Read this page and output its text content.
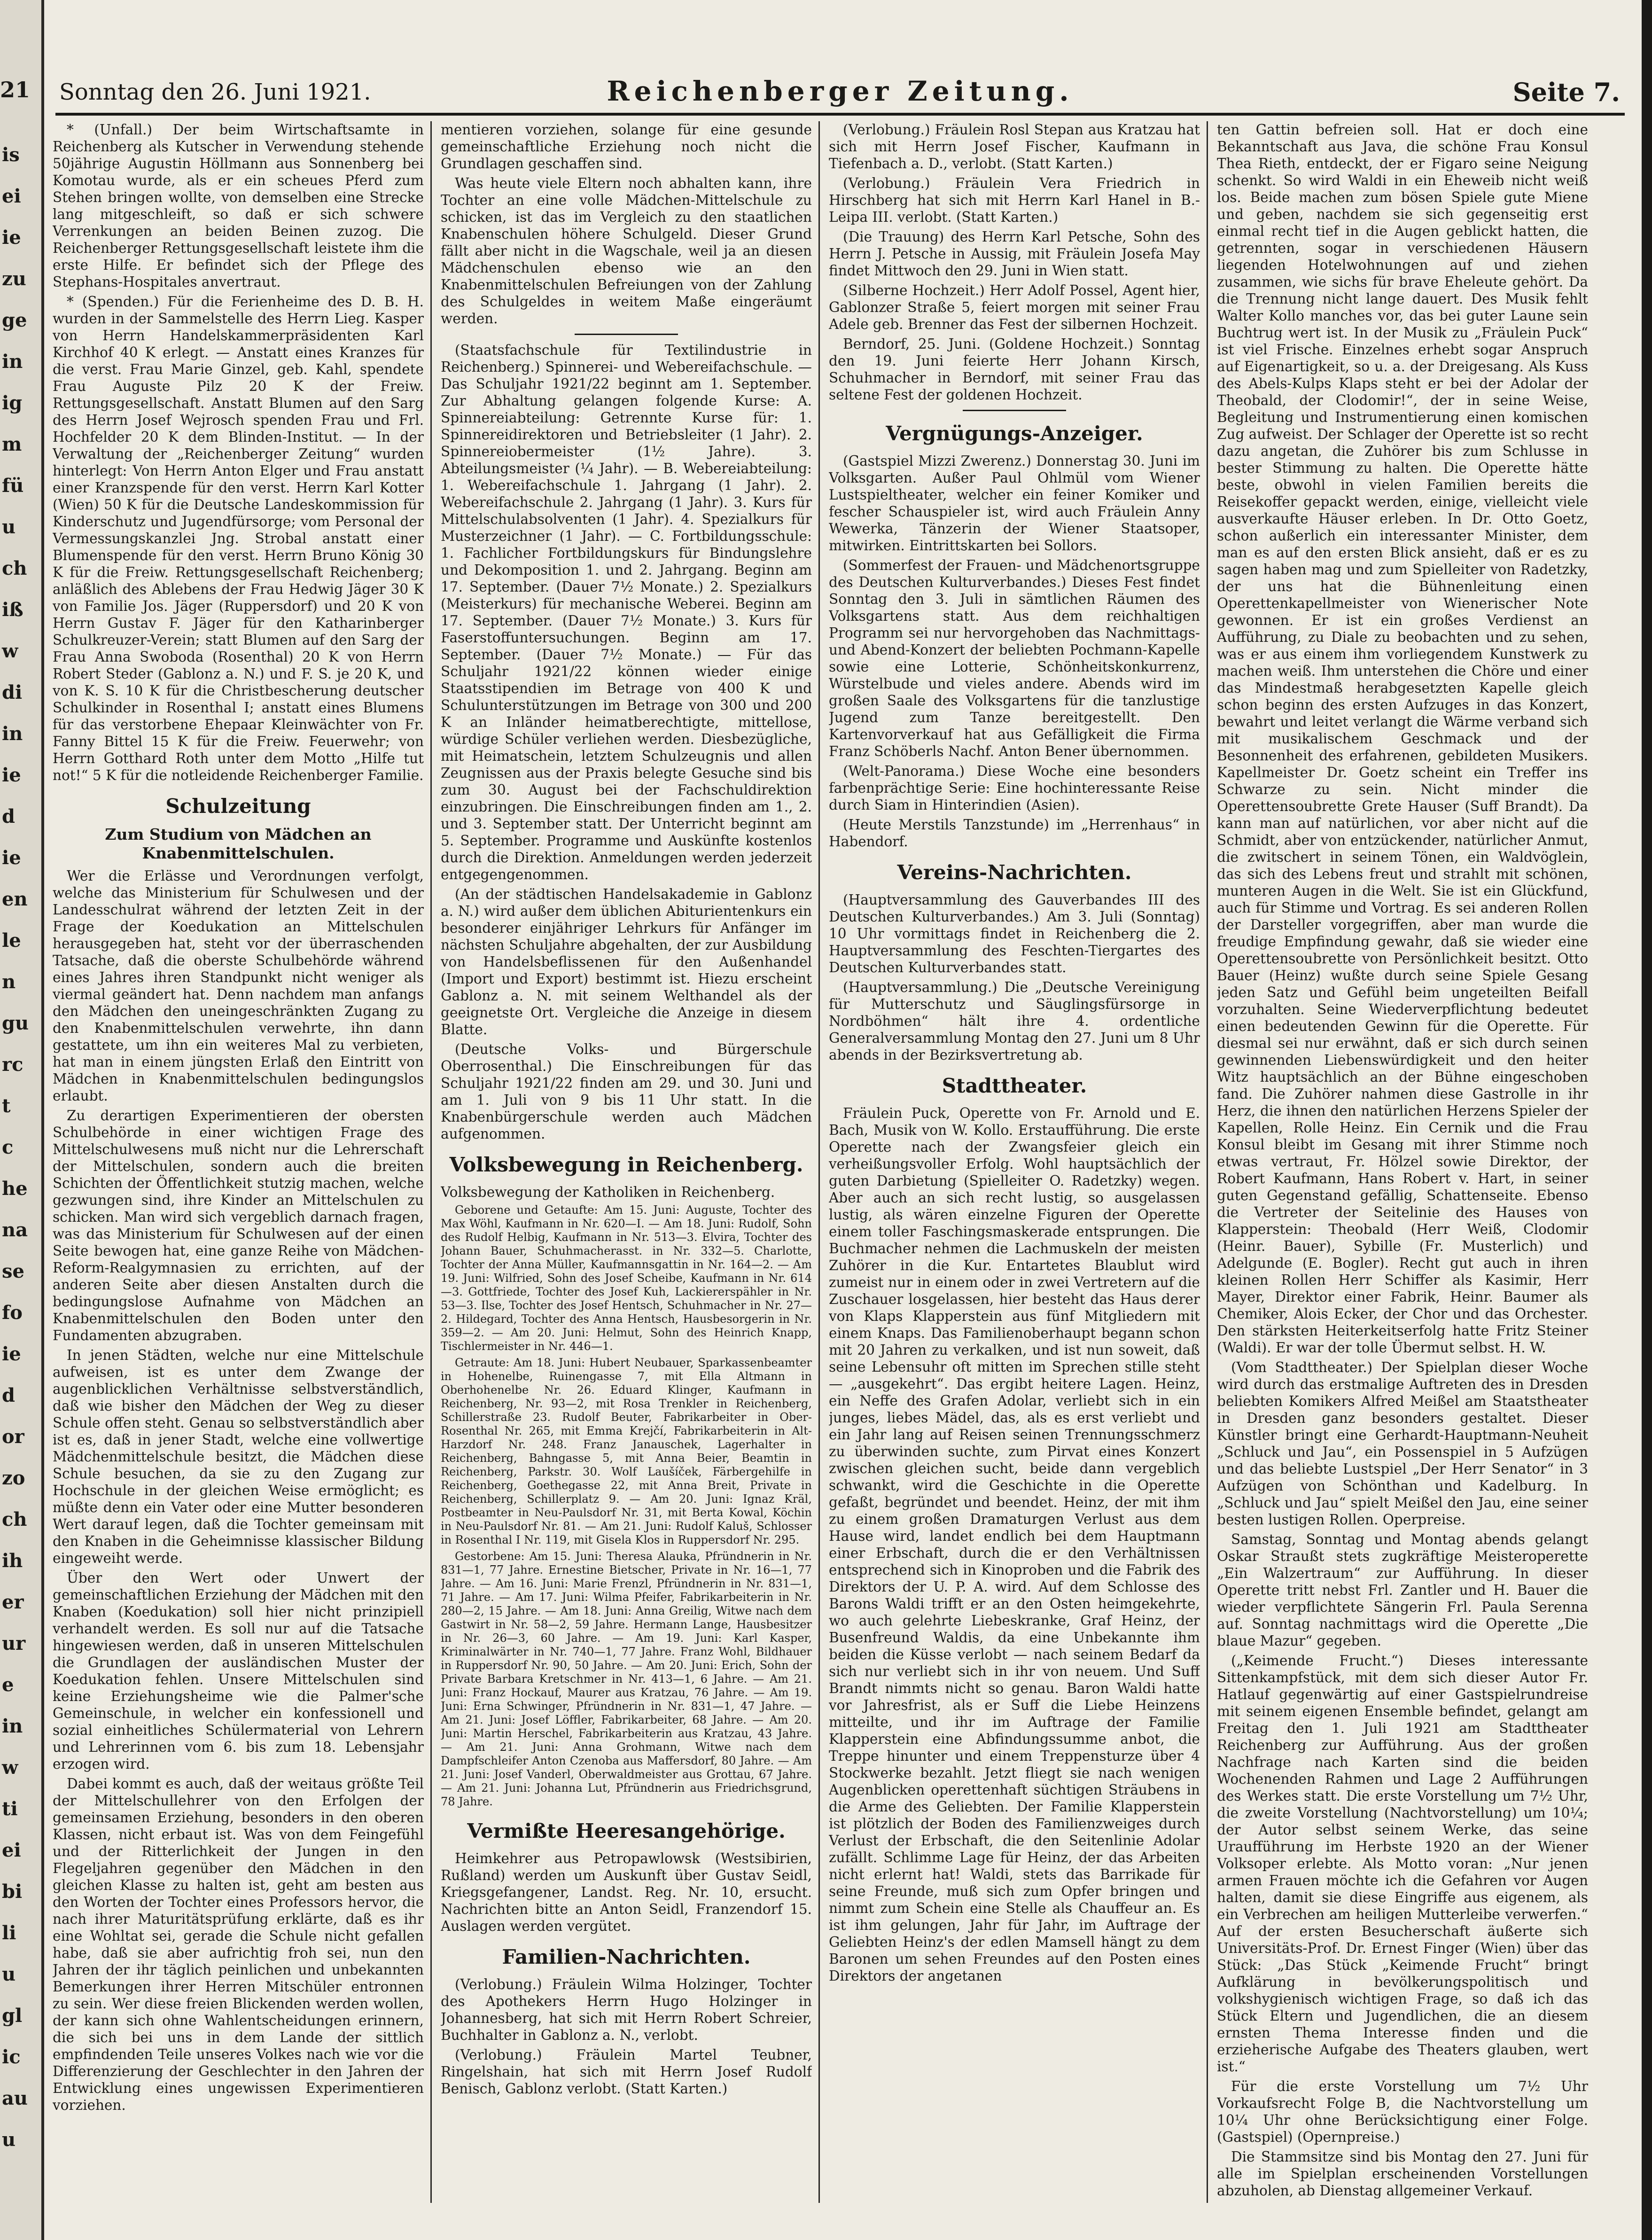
21
is
ei
ie
zu
ge
in
ig
m
fü
u
ch
iß
w
di
in
ie
d
ie
en
le
n
gu
rc
t
c
he
na
se
fo
ie
d
or
zo
ch
ih
er
ur
e
in
w
ti
ei
bi
li
u
gl
ic
au
u
Sonntag den 26. Juni 1921.	Reichenberger Zeitung.	Seite 7.

* (Unfall.) Der beim Wirtschaftsamte in Reichenberg als Kutscher in Verwendung stehende 50jährige Augustin Höllmann aus Sonnenberg bei Komotau wurde, als er ein scheues Pferd zum Stehen bringen wollte, von demselben eine Strecke lang mitgeschleift, so daß er sich schwere Verrenkungen an beiden Beinen zuzog. Die Reichenberger Rettungsgesellschaft leistete ihm die erste Hilfe. Er befindet sich der Pflege des Stephans-Hospitales anvertraut.

* (Spenden.) Für die Ferienheime des D. B. H. wurden in der Sammelstelle des Herrn Lieg. Kasper von Herrn Handelskammerpräsidenten Karl Kirchhof 40 K erlegt. — Anstatt eines Kranzes für die verst. Frau Marie Ginzel, geb. Kahl, spendete Frau Auguste Pilz 20 K der Freiw. Rettungsgesellschaft. Anstatt Blumen auf den Sarg des Herrn Josef Wejrosch spenden Frau und Frl. Hochfelder 20 K dem Blinden-Institut. — In der Verwaltung der „Reichenberger Zeitung“ wurden hinterlegt: Von Herrn Anton Elger und Frau anstatt einer Kranzspende für den verst. Herrn Karl Kotter (Wien) 50 K für die Deutsche Landeskommission für Kinderschutz und Jugendfürsorge; vom Personal der Vermessungskanzlei Jng. Strobal anstatt einer Blumenspende für den verst. Herrn Bruno König 30 K für die Freiw. Rettungsgesellschaft Reichenberg; anläßlich des Ablebens der Frau Hedwig Jäger 30 K von Familie Jos. Jäger (Ruppersdorf) und 20 K von Herrn Gustav F. Jäger für den Katharinberger Schulkreuzer-Verein; statt Blumen auf den Sarg der Frau Anna Swoboda (Rosenthal) 20 K von Herrn Robert Steder (Gablonz a. N.) und F. S. je 20 K, und von K. S. 10 K für die Christbescherung deutscher Schulkinder in Rosenthal I; anstatt eines Blumens für das verstorbene Ehepaar Kleinwächter von Fr. Fanny Bittel 15 K für die Freiw. Feuerwehr; von Herrn Gotthard Roth unter dem Motto „Hilfe tut not!“ 5 K für die notleidende Reichenberger Familie.

Schulzeitung
Zum Studium von Mädchen an Knabenmittelschulen.

Wer die Erlässe und Verordnungen verfolgt, welche das Ministerium für Schulwesen und der Landesschulrat während der letzten Zeit in der Frage der Koedukation an Mittelschulen herausgegeben hat, steht vor der überraschenden Tatsache, daß die oberste Schulbehörde während eines Jahres ihren Standpunkt nicht weniger als viermal geändert hat. Denn nachdem man anfangs den Mädchen den uneingeschränkten Zugang zu den Knabenmittelschulen verwehrte, ihn dann gestattete, um ihn ein weiteres Mal zu verbieten, hat man in einem jüngsten Erlaß den Eintritt von Mädchen in Knabenmittelschulen bedingungslos erlaubt.

Zu derartigen Experimentieren der obersten Schulbehörde in einer wichtigen Frage des Mittelschulwesens muß nicht nur die Lehrerschaft der Mittelschulen, sondern auch die breiten Schichten der Öffentlichkeit stutzig machen, welche gezwungen sind, ihre Kinder an Mittelschulen zu schicken. Man wird sich vergeblich darnach fragen, was das Ministerium für Schulwesen auf der einen Seite bewogen hat, eine ganze Reihe von Mädchen-Reform-Realgymnasien zu errichten, auf der anderen Seite aber diesen Anstalten durch die bedingungslose Aufnahme von Mädchen an Knabenmittelschulen den Boden unter den Fundamenten abzugraben.

In jenen Städten, welche nur eine Mittelschule aufweisen, ist es unter dem Zwange der augenblicklichen Verhältnisse selbstverständlich, daß wie bisher den Mädchen der Weg zu dieser Schule offen steht. Genau so selbstverständlich aber ist es, daß in jener Stadt, welche eine vollwertige Mädchenmittelschule besitzt, die Mädchen diese Schule besuchen, da sie zu den Zugang zur Hochschule in der gleichen Weise ermöglicht; es müßte denn ein Vater oder eine Mutter besonderen Wert darauf legen, daß die Tochter gemeinsam mit den Knaben in die Geheimnisse klassischer Bildung eingeweiht werde.

Über den Wert oder Unwert der gemeinschaftlichen Erziehung der Mädchen mit den Knaben (Koedukation) soll hier nicht prinzipiell verhandelt werden. Es soll nur auf die Tatsache hingewiesen werden, daß in unseren Mittelschulen die Grundlagen der ausländischen Muster der Koedukation fehlen. Unsere Mittelschulen sind keine Erziehungsheime wie die Palmer'sche Gemeinschule, in welcher ein konfessionell und sozial einheitliches Schülermaterial von Lehrern und Lehrerinnen vom 6. bis zum 18. Lebensjahr erzogen wird.

Dabei kommt es auch, daß der weitaus größte Teil der Mittelschullehrer von den Erfolgen der gemeinsamen Erziehung, besonders in den oberen Klassen, nicht erbaut ist. Was von dem Feingefühl und der Ritterlichkeit der Jungen in den Flegeljahren gegenüber den Mädchen in den gleichen Klasse zu halten ist, geht am besten aus den Worten der Tochter eines Professors hervor, die nach ihrer Maturitätsprüfung erklärte, daß es ihr eine Wohltat sei, gerade die Schule nicht gefallen habe, daß sie aber aufrichtig froh sei, nun den Jahren der ihr täglich peinlichen und unbekannten Bemerkungen ihrer Herren Mitschüler entronnen zu sein. Wer diese freien Blickenden werden wollen, der kann sich ohne Wahlentscheidungen erinnern, die sich bei uns in dem Lande der sittlich empfindenden Teile unseres Volkes nach wie vor die Differenzierung der Geschlechter in den Jahren der Entwicklung eines ungewissen Experimentieren vorziehen.

mentieren vorziehen, solange für eine gesunde gemeinschaftliche Erziehung noch nicht die Grundlagen geschaffen sind.

Was heute viele Eltern noch abhalten kann, ihre Tochter an eine volle Mädchen-Mittelschule zu schicken, ist das im Vergleich zu den staatlichen Knabenschulen höhere Schulgeld. Dieser Grund fällt aber nicht in die Wagschale, weil ja an diesen Mädchenschulen ebenso wie an den Knabenmittelschulen Befreiungen von der Zahlung des Schulgeldes in weitem Maße eingeräumt werden.

(Staatsfachschule für Textilindustrie in Reichenberg.) Spinnerei- und Webereifachschule. — Das Schuljahr 1921/22 beginnt am 1. September. Zur Abhaltung gelangen folgende Kurse: A. Spinnereiabteilung: Getrennte Kurse für: 1. Spinnereidirektoren und Betriebsleiter (1 Jahr). 2. Spinnereiobermeister (1½ Jahre). 3. Abteilungsmeister (¼ Jahr). — B. Webereiabteilung: 1. Webereifachschule 1. Jahrgang (1 Jahr). 2. Webereifachschule 2. Jahrgang (1 Jahr). 3. Kurs für Mittelschulabsolventen (1 Jahr). 4. Spezialkurs für Musterzeichner (1 Jahr). — C. Fortbildungsschule: 1. Fachlicher Fortbildungskurs für Bindungslehre und Dekomposition 1. und 2. Jahrgang. Beginn am 17. September. (Dauer 7½ Monate.) 2. Spezialkurs (Meisterkurs) für mechanische Weberei. Beginn am 17. September. (Dauer 7½ Monate.) 3. Kurs für Faserstoffuntersuchungen. Beginn am 17. September. (Dauer 7½ Monate.) — Für das Schuljahr 1921/22 können wieder einige Staatsstipendien im Betrage von 400 K und Schulunterstützungen im Betrage von 300 und 200 K an Inländer heimatberechtigte, mittellose, würdige Schüler verliehen werden. Diesbezügliche, mit Heimatschein, letztem Schulzeugnis und allen Zeugnissen aus der Praxis belegte Gesuche sind bis zum 30. August bei der Fachschuldirektion einzubringen. Die Einschreibungen finden am 1., 2. und 3. September statt. Der Unterricht beginnt am 5. September. Programme und Auskünfte kostenlos durch die Direktion. Anmeldungen werden jederzeit entgegengenommen.

(An der städtischen Handelsakademie in Gablonz a. N.) wird außer dem üblichen Abiturientenkurs ein besonderer einjähriger Lehrkurs für Anfänger im nächsten Schuljahre abgehalten, der zur Ausbildung von Handelsbeflissenen für den Außenhandel (Import und Export) bestimmt ist. Hiezu erscheint Gablonz a. N. mit seinem Welthandel als der geeignetste Ort. Vergleiche die Anzeige in diesem Blatte.

(Deutsche Volks- und Bürgerschule Oberrosenthal.) Die Einschreibungen für das Schuljahr 1921/22 finden am 29. und 30. Juni und am 1. Juli von 9 bis 11 Uhr statt. In die Knabenbürgerschule werden auch Mädchen aufgenommen.

Volksbewegung in Reichenberg.

Volksbewegung der Katholiken in Reichenberg.

Geborene und Getaufte: Am 15. Juni: Auguste, Tochter des Max Wöhl, Kaufmann in Nr. 620—I. — Am 18. Juni: Rudolf, Sohn des Rudolf Helbig, Kaufmann in Nr. 513—3. Elvira, Tochter des Johann Bauer, Schuhmacherasst. in Nr. 332—5. Charlotte, Tochter der Anna Müller, Kaufmannsgattin in Nr. 164—2. — Am 19. Juni: Wilfried, Sohn des Josef Scheibe, Kaufmann in Nr. 614—3. Gottfriede, Tochter des Josef Kuh, Lackiererspähler in Nr. 53—3. Ilse, Tochter des Josef Hentsch, Schuhmacher in Nr. 27—2. Hildegard, Tochter des Anna Hentsch, Hausbesorgerin in Nr. 359—2. — Am 20. Juni: Helmut, Sohn des Heinrich Knapp, Tischlermeister in Nr. 446—1.

Getraute: Am 18. Juni: Hubert Neubauer, Sparkassenbeamter in Hohenelbe, Ruinengasse 7, mit Ella Altmann in Oberhohenelbe Nr. 26. Eduard Klinger, Kaufmann in Reichenberg, Nr. 93—2, mit Rosa Trenkler in Reichenberg, Schillerstraße 23. Rudolf Beuter, Fabrikarbeiter in Ober-Rosenthal Nr. 265, mit Emma Krejčí, Fabrikarbeiterin in Alt-Harzdorf Nr. 248. Franz Janauschek, Lagerhalter in Reichenberg, Bahngasse 5, mit Anna Beier, Beamtin in Reichenberg, Parkstr. 30. Wolf Laušíček, Färbergehilfe in Reichenberg, Goethegasse 22, mit Anna Breit, Private in Reichenberg, Schillerplatz 9. — Am 20. Juni: Ignaz Kräl, Postbeamter in Neu-Paulsdorf Nr. 31, mit Berta Kowal, Köchin in Neu-Paulsdorf Nr. 81. — Am 21. Juni: Rudolf Kaluš, Schlosser in Rosenthal I Nr. 119, mit Gisela Klos in Ruppersdorf Nr. 295.

Gestorbene: Am 15. Juni: Theresa Alauka, Pfründnerin in Nr. 831—1, 77 Jahre. Ernestine Bietscher, Private in Nr. 16—1, 77 Jahre. — Am 16. Juni: Marie Frenzl, Pfründnerin in Nr. 831—1, 71 Jahre. — Am 17. Juni: Wilma Pfeifer, Fabrikarbeiterin in Nr. 280—2, 15 Jahre. — Am 18. Juni: Anna Greilig, Witwe nach dem Gastwirt in Nr. 58—2, 59 Jahre. Hermann Lange, Hausbesitzer in Nr. 26—3, 60 Jahre. — Am 19. Juni: Karl Kasper, Kriminalwärter in Nr. 740—1, 77 Jahre. Franz Wohl, Bildhauer in Ruppersdorf Nr. 90, 50 Jahre. — Am 20. Juni: Erich, Sohn der Private Barbara Kretschmer in Nr. 413—1, 6 Jahre. — Am 21. Juni: Franz Hockauf, Maurer aus Kratzau, 76 Jahre. — Am 19. Juni: Erna Schwinger, Pfründnerin in Nr. 831—1, 47 Jahre. — Am 21. Juni: Josef Löffler, Fabrikarbeiter, 68 Jahre. — Am 20. Juni: Martin Herschel, Fabrikarbeiterin aus Kratzau, 43 Jahre. — Am 21. Juni: Anna Grohmann, Witwe nach dem Dampfschleifer Anton Czenoba aus Maffersdorf, 80 Jahre. — Am 21. Juni: Josef Vanderl, Oberwaldmeister aus Grottau, 67 Jahre. — Am 21. Juni: Johanna Lut, Pfründnerin aus Friedrichsgrund, 78 Jahre.

Vermißte Heeresangehörige.

Heimkehrer aus Petropawlowsk (Westsibirien, Rußland) werden um Auskunft über Gustav Seidl, Kriegsgefangener, Landst. Reg. Nr. 10, ersucht. Nachrichten bitte an Anton Seidl, Franzendorf 15. Auslagen werden vergütet.

Familien-Nachrichten.

(Verlobung.) Fräulein Wilma Holzinger, Tochter des Apothekers Herrn Hugo Holzinger in Johannesberg, hat sich mit Herrn Robert Schreier, Buchhalter in Gablonz a. N., verlobt.

(Verlobung.) Fräulein Martel Teubner, Ringelshain, hat sich mit Herrn Josef Rudolf Benisch, Gablonz verlobt. (Statt Karten.)

(Verlobung.) Fräulein Rosl Stepan aus Kratzau hat sich mit Herrn Josef Fischer, Kaufmann in Tiefenbach a. D., verlobt. (Statt Karten.)

(Verlobung.) Fräulein Vera Friedrich in Hirschberg hat sich mit Herrn Karl Hanel in B.-Leipa III. verlobt. (Statt Karten.)

(Die Trauung) des Herrn Karl Petsche, Sohn des Herrn J. Petsche in Aussig, mit Fräulein Josefa May findet Mittwoch den 29. Juni in Wien statt.

(Silberne Hochzeit.) Herr Adolf Possel, Agent hier, Gablonzer Straße 5, feiert morgen mit seiner Frau Adele geb. Brenner das Fest der silbernen Hochzeit.

Berndorf, 25. Juni. (Goldene Hochzeit.) Sonntag den 19. Juni feierte Herr Johann Kirsch, Schuhmacher in Berndorf, mit seiner Frau das seltene Fest der goldenen Hochzeit.

Vergnügungs-Anzeiger.

(Gastspiel Mizzi Zwerenz.) Donnerstag 30. Juni im Volksgarten. Außer Paul Ohlmül vom Wiener Lustspieltheater, welcher ein feiner Komiker und fescher Schauspieler ist, wird auch Fräulein Anny Wewerka, Tänzerin der Wiener Staatsoper, mitwirken. Eintrittskarten bei Sollors.

(Sommerfest der Frauen- und Mädchenortsgruppe des Deutschen Kulturverbandes.) Dieses Fest findet Sonntag den 3. Juli in sämtlichen Räumen des Volksgartens statt. Aus dem reichhaltigen Programm sei nur hervorgehoben das Nachmittags- und Abend-Konzert der beliebten Pochmann-Kapelle sowie eine Lotterie, Schönheitskonkurrenz, Würstelbude und vieles andere. Abends wird im großen Saale des Volksgartens für die tanzlustige Jugend zum Tanze bereitgestellt. Den Kartenvorverkauf hat aus Gefälligkeit die Firma Franz Schöberls Nachf. Anton Bener übernommen.

(Welt-Panorama.) Diese Woche eine besonders farbenprächtige Serie: Eine hochinteressante Reise durch Siam in Hinterindien (Asien).

(Heute Merstils Tanzstunde) im „Herrenhaus“ in Habendorf.

Vereins-Nachrichten.

(Hauptversammlung des Gauverbandes III des Deutschen Kulturverbandes.) Am 3. Juli (Sonntag) 10 Uhr vormittags findet in Reichenberg die 2. Hauptversammlung des Feschten-Tiergartes des Deutschen Kulturverbandes statt.

(Hauptversammlung.) Die „Deutsche Vereinigung für Mutterschutz und Säuglingsfürsorge in Nordböhmen“ hält ihre 4. ordentliche Generalversammlung Montag den 27. Juni um 8 Uhr abends in der Bezirksvertretung ab.

Stadttheater.

Fräulein Puck, Operette von Fr. Arnold und E. Bach, Musik von W. Kollo. Erstaufführung. Die erste Operette nach der Zwangsfeier gleich ein verheißungsvoller Erfolg. Wohl hauptsächlich der guten Darbietung (Spielleiter O. Radetzky) wegen. Aber auch an sich recht lustig, so ausgelassen lustig, als wären einzelne Figuren der Operette einem toller Faschingsmaskerade entsprungen. Die Buchmacher nehmen die Lachmuskeln der meisten Zuhörer in die Kur. Entartetes Blaublut wird zumeist nur in einem oder in zwei Vertretern auf die Zuschauer losgelassen, hier besteht das Haus derer von Klaps Klapperstein aus fünf Mitgliedern mit einem Knaps. Das Familienoberhaupt begann schon mit 20 Jahren zu verkalken, und ist nun soweit, daß seine Lebensuhr oft mitten im Sprechen stille steht — „ausgekehrt“. Das ergibt heitere Lagen. Heinz, ein Neffe des Grafen Adolar, verliebt sich in ein junges, liebes Mädel, das, als es erst verliebt und ein Jahr lang auf Reisen seinen Trennungsschmerz zu überwinden suchte, zum Pirvat eines Konzert zwischen gleichen sucht, beide dann vergeblich schwankt, wird die Geschichte in die Operette gefaßt, begründet und beendet. Heinz, der mit ihm zu einem großen Dramaturgen Verlust aus dem Hause wird, landet endlich bei dem Hauptmann einer Erbschaft, durch die er den Verhältnissen entsprechend sich in Kinoproben und die Fabrik des Direktors der U. P. A. wird. Auf dem Schlosse des Barons Waldi trifft er an den Osten heimgekehrte, wo auch gelehrte Liebeskranke, Graf Heinz, der Busenfreund Waldis, da eine Unbekannte ihm beiden die Küsse verlobt — nach seinem Bedarf da sich nur verliebt sich in ihr von neuem. Und Suff Brandt nimmts nicht so genau. Baron Waldi hatte vor Jahresfrist, als er Suff die Liebe Heinzens mitteilte, und ihr im Auftrage der Familie Klapperstein eine Abfindungssumme anbot, die Treppe hinunter und einem Treppensturze über 4 Stockwerke bezahlt. Jetzt fliegt sie nach wenigen Augenblicken operettenhaft süchtigen Sträubens in die Arme des Geliebten. Der Familie Klapperstein ist plötzlich der Boden des Familienzweiges durch Verlust der Erbschaft, die den Seitenlinie Adolar zufällt. Schlimme Lage für Heinz, der das Arbeiten nicht erlernt hat! Waldi, stets das Barrikade für seine Freunde, muß sich zum Opfer bringen und nimmt zum Schein eine Stelle als Chauffeur an. Es ist ihm gelungen, Jahr für Jahr, im Auftrage der Geliebten Heinz's der edlen Mamsell hängt zu dem Baronen um sehen Freundes auf den Posten eines Direktors der angetanen

ten Gattin befreien soll. Hat er doch eine Bekanntschaft aus Java, die schöne Frau Konsul Thea Rieth, entdeckt, der er Figaro seine Neigung schenkt. So wird Waldi in ein Eheweib nicht weiß los. Beide machen zum bösen Spiele gute Miene und geben, nachdem sie sich gegenseitig erst einmal recht tief in die Augen geblickt hatten, die getrennten, sogar in verschiedenen Häusern liegenden Hotelwohnungen auf und ziehen zusammen, wie sichs für brave Eheleute gehört. Da die Trennung nicht lange dauert. Des Musik fehlt Walter Kollo manches vor, das bei guter Laune sein Buchtrug wert ist. In der Musik zu „Fräulein Puck“ ist viel Frische. Einzelnes erhebt sogar Anspruch auf Eigenartigkeit, so u. a. der Dreigesang. Als Kuss des Abels-Kulps Klaps steht er bei der Adolar der Theobald, der Clodomir!“, der in seine Weise, Begleitung und Instrumentierung einen komischen Zug aufweist. Der Schlager der Operette ist so recht dazu angetan, die Zuhörer bis zum Schlusse in bester Stimmung zu halten. Die Operette hätte beste, obwohl in vielen Familien bereits die Reisekoffer gepackt werden, einige, vielleicht viele ausverkaufte Häuser erleben. In Dr. Otto Goetz, schon außerlich ein interessanter Minister, dem man es auf den ersten Blick ansieht, daß er es zu sagen haben mag und zum Spielleiter von Radetzky, der uns hat die Bühnenleitung einen Operettenkapellmeister von Wienerischer Note gewonnen. Er ist ein großes Verdienst an Aufführung, zu Diale zu beobachten und zu sehen, was er aus einem ihm vorliegendem Kunstwerk zu machen weiß. Ihm unterstehen die Chöre und einer das Mindestmaß herabgesetzten Kapelle gleich schon beginn des ersten Aufzuges in das Konzert, bewahrt und leitet verlangt die Wärme verband sich mit musikalischem Geschmack und der Besonnenheit des erfahrenen, gebildeten Musikers. Kapellmeister Dr. Goetz scheint ein Treffer ins Schwarze zu sein. Nicht minder die Operettensoubrette Grete Hauser (Suff Brandt). Da kann man auf natürlichen, vor aber nicht auf die Schmidt, aber von entzückender, natürlicher Anmut, die zwitschert in seinem Tönen, ein Waldvöglein, das sich des Lebens freut und strahlt mit schönen, munteren Augen in die Welt. Sie ist ein Glückfund, auch für Stimme und Vortrag. Es sei anderen Rollen der Darsteller vorgegriffen, aber man wurde die freudige Empfindung gewahr, daß sie wieder eine Operettensoubrette von Persönlichkeit besitzt. Otto Bauer (Heinz) wußte durch seine Spiele Gesang jeden Satz und Gefühl beim ungeteilten Beifall vorzuhalten. Seine Wiederverpflichtung bedeutet einen bedeutenden Gewinn für die Operette. Für diesmal sei nur erwähnt, daß er sich durch seinen gewinnenden Liebenswürdigkeit und den heiter Witz hauptsächlich an der Bühne eingeschoben fand. Die Zuhörer nahmen diese Gastrolle in ihr Herz, die ihnen den natürlichen Herzens Spieler der Kapellen, Rolle Heinz. Ein Cernik und die Frau Konsul bleibt im Gesang mit ihrer Stimme noch etwas vertraut, Fr. Hölzel sowie Direktor, der Robert Kaufmann, Hans Robert v. Hart, in seiner guten Gegenstand gefällig, Schattenseite. Ebenso die Vertreter der Seitelinie des Hauses von Klapperstein: Theobald (Herr Weiß, Clodomir (Heinr. Bauer), Sybille (Fr. Musterlich) und Adelgunde (E. Bogler). Recht gut auch in ihren kleinen Rollen Herr Schiffer als Kasimir, Herr Mayer, Direktor einer Fabrik, Heinr. Baumer als Chemiker, Alois Ecker, der Chor und das Orchester. Den stärksten Heiterkeitserfolg hatte Fritz Steiner (Waldi). Er war der tolle Übermut selbst. H. W.

(Vom Stadttheater.) Der Spielplan dieser Woche wird durch das erstmalige Auftreten des in Dresden beliebten Komikers Alfred Meißel am Staatstheater in Dresden ganz besonders gestaltet. Dieser Künstler bringt eine Gerhardt-Hauptmann-Neuheit „Schluck und Jau“, ein Possenspiel in 5 Aufzügen und das beliebte Lustspiel „Der Herr Senator“ in 3 Aufzügen von Schönthan und Kadelburg. In „Schluck und Jau“ spielt Meißel den Jau, eine seiner besten lustigen Rollen. Operpreise.

Samstag, Sonntag und Montag abends gelangt Oskar Straußt stets zugkräftige Meisteroperette „Ein Walzertraum“ zur Aufführung. In dieser Operette tritt nebst Frl. Zantler und H. Bauer die wieder verpflichtete Sängerin Frl. Paula Serenna auf. Sonntag nachmittags wird die Operette „Die blaue Mazur“ gegeben.

(„Keimende Frucht.“) Dieses interessante Sittenkampfstück, mit dem sich dieser Autor Fr. Hatlauf gegenwärtig auf einer Gastspielrundreise mit seinem eigenen Ensemble befindet, gelangt am Freitag den 1. Juli 1921 am Stadttheater Reichenberg zur Aufführung. Aus der großen Nachfrage nach Karten sind die beiden Wochenenden Rahmen und Lage 2 Aufführungen des Werkes statt. Die erste Vorstellung um 7½ Uhr, die zweite Vorstellung (Nachtvorstellung) um 10¼; der Autor selbst seinem Werke, das seine Uraufführung im Herbste 1920 an der Wiener Volksoper erlebte. Als Motto voran: „Nur jenen armen Frauen möchte ich die Gefahren vor Augen halten, damit sie diese Eingriffe aus eigenem, als ein Verbrechen am heiligen Mutterleibe verwerfen.“ Auf der ersten Besucherschaft äußerte sich Universitäts-Prof. Dr. Ernest Finger (Wien) über das Stück: „Das Stück „Keimende Frucht“ bringt Aufklärung in bevölkerungspolitisch und volkshygienisch wichtigen Frage, so daß ich das Stück Eltern und Jugendlichen, die an diesem ernsten Thema Interesse finden und die erzieherische Aufgabe des Theaters glauben, wert ist.“

Für die erste Vorstellung um 7½ Uhr Vorkaufsrecht Folge B, die Nachtvorstellung um 10¼ Uhr ohne Berücksichtigung einer Folge. (Gastspiel) (Opernpreise.)

Die Stammsitze sind bis Montag den 27. Juni für alle im Spielplan erscheinenden Vorstellungen abzuholen, ab Dienstag allgemeiner Verkauf.
